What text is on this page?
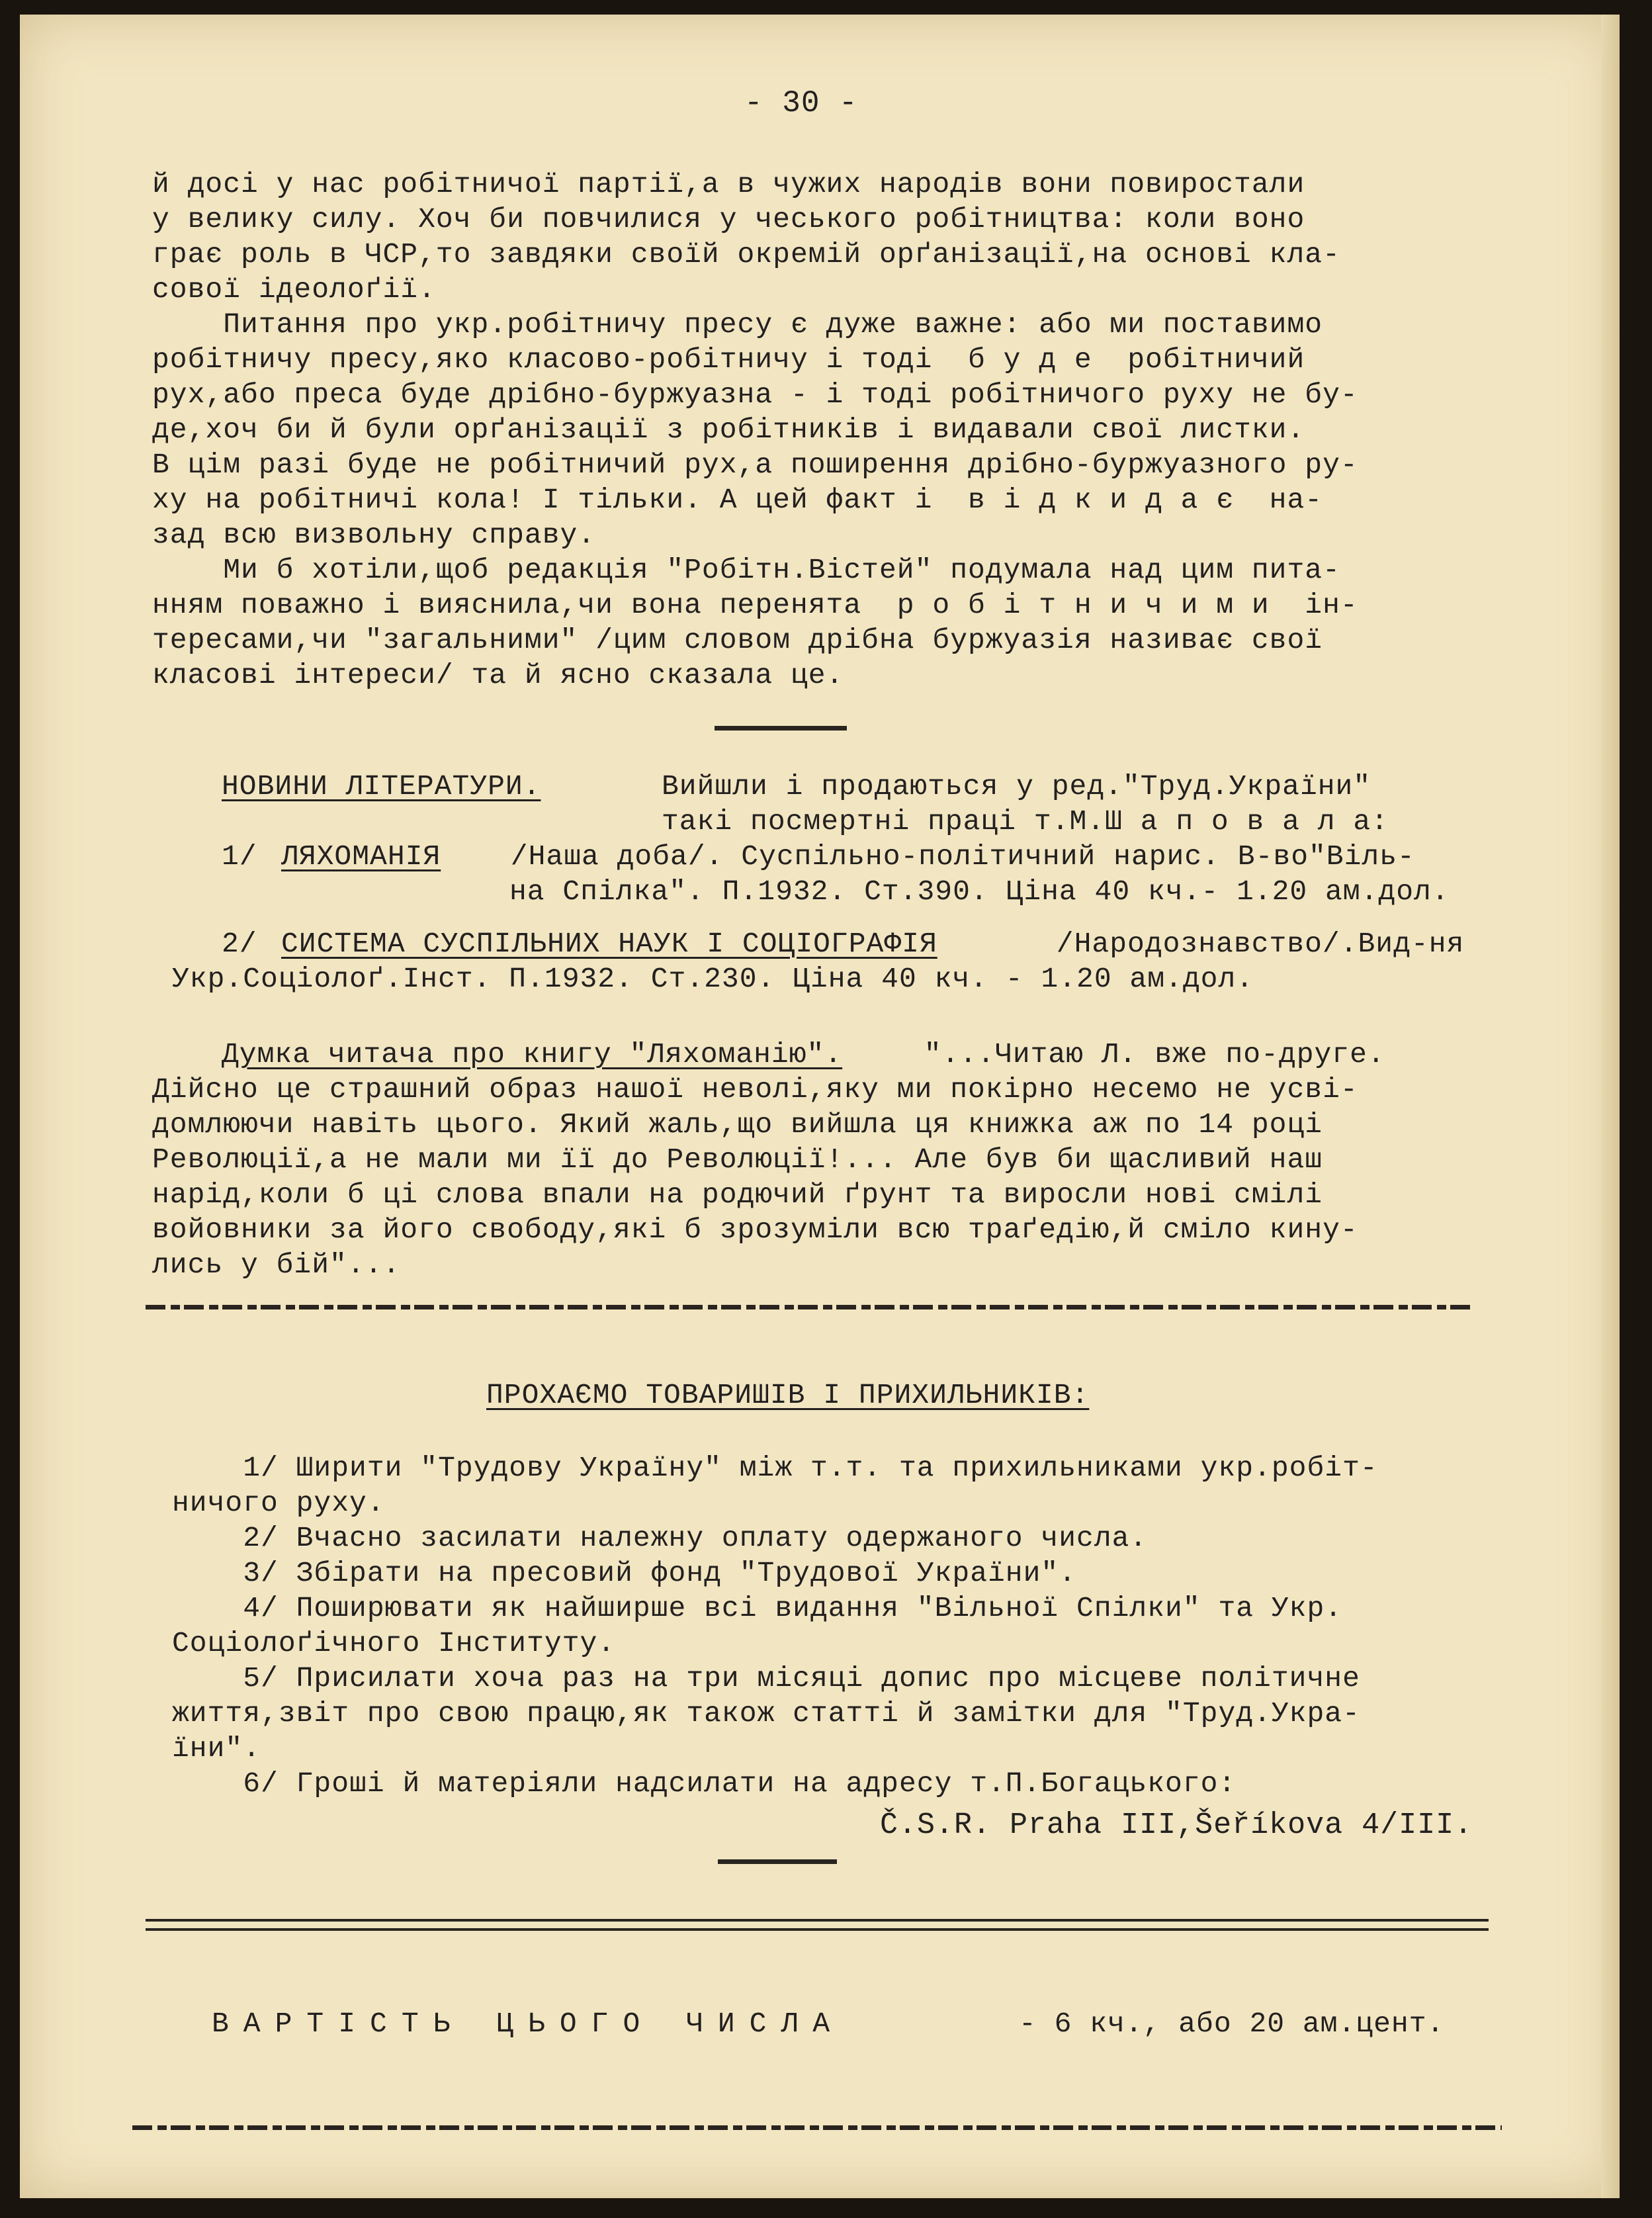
- 30 -
й досі у нас робітничої партії,а в чужих народів вони повиростали
у велику силу. Хоч би повчилися у чеського робітництва: коли воно
грає роль в ЧСР,то завдяки своїй окремій орґанізації,на основі кла-
сової ідеолоґії.
Питання про укр.робітничу пресу є дуже важне: або ми поставимо
робітничу пресу,яко класово-робітничу і тоді  б у д е  робітничий
рух,або преса буде дрібно-буржуазна - і тоді робітничого руху не бу-
де,хоч би й були орґанізації з робітників і видавали свої листки.
В цім разі буде не робітничий рух,а поширення дрібно-буржуазного ру-
ху на робітничі кола! І тільки. А цей факт і  в і д к и д а є  на-
зад всю визвольну справу.
Ми б хотіли,щоб редакція "Робітн.Вістей" подумала над цим пита-
нням поважно і вияснила,чи вона перенята  р о б і т н и ч и м и  ін-
тересами,чи "загальними" /цим словом дрібна буржуазія називає свої
класові інтереси/ та й ясно сказала це.
НОВИНИ ЛІТЕРАТУРИ.	Вийшли і продаються у ред."Труд.України"
такі посмертні праці т.М.Ш а п о в а л а:
1/ ЛЯХОМАНІЯ /Наша доба/. Суспільно-політичний нарис. В-во"Віль-
на Спілка". П.1932. Ст.390. Ціна 40 кч.- 1.20 ам.дол.
2/ СИСТЕМА СУСПІЛЬНИХ НАУК І СОЦІОГРАФІЯ	/Народознавство/.Вид-ня
Укр.Соціолоґ.Інст. П.1932. Ст.230. Ціна 40 кч. - 1.20 ам.дол.
Думка читача про книгу "Ляхоманію". "...Читаю Л. вже по-друге.
Дійсно це страшний образ нашої неволі,яку ми покірно несемо не усві-
домлюючи навіть цього. Який жаль,що вийшла ця книжка аж по 14 році
Революції,а не мали ми її до Революції!... Але був би щасливий наш
нарід,коли б ці слова впали на родючий ґрунт та виросли нові смілі
войовники за його свободу,які б зрозуміли всю траґедію,й сміло кину-
лись у бій"...
ПРОХАЄМО ТОВАРИШІВ І ПРИХИЛЬНИКІВ:
1/ Ширити "Трудову Україну" між т.т. та прихильниками укр.робіт-
ничого руху.
2/ Вчасно засилати належну оплату одержаного числа.
3/ Збірати на пресовий фонд "Трудової України".
4/ Поширювати як найширше всі видання "Вільної Спілки" та Укр.
Соціолоґічного Інституту.
5/ Присилати хоча раз на три місяці допис про місцеве політичне
життя,звіт про свою працю,як також статті й замітки для "Труд.Укра-
їни".
6/ Гроші й матеріяли надсилати на адресу т.П.Богацького:
Č.S.R. Praha III,Šeříkova 4/III.
ВАРТІСТЬ ЦЬОГО ЧИСЛА	- 6 кч., або 20 ам.цент.
